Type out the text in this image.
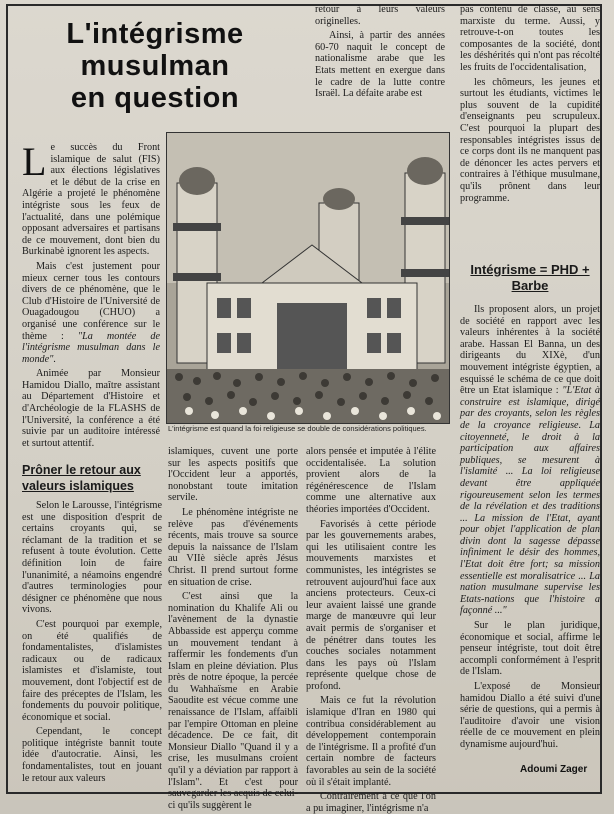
L'intégrisme
musulman
en question

Le succès du Front islamique de salut (FIS) aux élections législatives et le début de la crise en Algérie a projeté le phénomène intégriste sous les feux de l'actualité, dans une polémique opposant adversaires et partisans de ce mouvement, dont bien du Burkinabè ignorent les aspects.

Mais c'est justement pour mieux cerner tous les contours divers de ce phénomène, que le Club d'Histoire de l'Université de Ouagadougou (CHUO) a organisé une conférence sur le thème : "La montée de l'intégrisme musulman dans le monde".

Animée par Monsieur Hamidou Diallo, maître assistant au Département d'Histoire et d'Archéologie de la FLASHS de l'Université, la conférence a été suivie par un auditoire intéressé et surtout attentif.

Prôner le retour aux valeurs islamiques

Selon le Larousse, l'intégrisme est une disposition d'esprit de certains croyants qui, se réclamant de la tradition et se refusent à toute évolution. Cette définition loin de faire l'unanimité, a néamoins engendré d'autres terminologies pour désigner ce phénomène que nous vivons.

C'est pourquoi par exemple, on été qualifiés de fondamentalistes, d'islamistes radicaux ou de radicaux islamistes et d'islamiste, tout mouvement, dont l'objectif est de faire des préceptes de l'Islam, les fondements du pouvoir politique, économique et social.

Cependant, le concept politique intégriste bannit toute idée d'autocratie. Ainsi, les fondamentalistes, tout en jouant le retour aux valeurs

L'intégrisme est quand la foi religieuse se double de considérations politiques.

islamiques, cuvent une porte sur les aspects positifs que l'Occident leur a apportés, nonobstant toute imitation servile.

Le phénomène intégriste ne relève pas d'événements récents, mais trouve sa source depuis la naissance de l'Islam au VIIè siècle après Jésus Christ. Il prend surtout forme en situation de crise.

C'est ainsi que la nomination du Khalife Ali ou l'avènement de la dynastie Abbasside est apperçu comme un mouvement tendant à raffermir les fondements d'un Islam en pleine déviation. Plus près de notre époque, la percée du Wahhaïsme en Arabie Saoudite est vécue comme une renaissance de l'Islam, affaibli par l'empire Ottoman en pleine décadence. De ce fait, dit Monsieur Diallo "Quand il y a crise, les musulmans croient qu'il y a déviation par rapport à l'Islam". Et c'est pour sauvegarder les acquis de celui-ci qu'ils suggèrent le

alors pensée et imputée à l'élite occidentalisée. La solution provient alors de la régénérescence de l'Islam comme une alternative aux théories importées d'Occident.

Favorisés à cette période par les gouvernements arabes, qui les utilisaient contre les mouvements marxistes et communistes, les intégristes se retrouvent aujourd'hui face aux anciens protecteurs. Ceux-ci leur avaient laissé une grande marge de manœuvre qui leur avait permis de s'organiser et de pénétrer dans toutes les couches sociales notamment dans les pays où l'Islam représente quelque chose de profond.

Mais ce fut la révolution islamique d'Iran en 1980 qui contribua considérablement au développement contemporain de l'intégrisme. Il a profité d'un certain nombre de facteurs favorables au sein de la société où il s'était implanté.

Contrairement à ce que l'on a pu imaginer, l'intégrisme n'a

retour à leurs valeurs originelles.

Ainsi, à partir des années 60-70 naquit le concept de nationalisme arabe que les Etats mettent en exergue dans le cadre de la lutte contre Israël. La défaite arabe est

pas contenu de classe, au sens marxiste du terme. Aussi, y retrouve-t-on toutes les composantes de la société, dont les déshérités qui n'ont pas récolté les fruits de l'occidentalisation,

les chômeurs, les jeunes et surtout les étudiants, victimes le plus souvent de la cupidité d'enseignants peu scrupuleux. C'est pourquoi la plupart des responsables intégristes issus de ce corps dont ils ne manquent pas de dénoncer les actes pervers et contraires à l'éthique musulmane, qu'ils prônent dans leur programme.

Intégrisme = PHD + Barbe

Ils proposent alors, un projet de société en rapport avec les valeurs inhérentes à la société arabe. Hassan El Banna, un des dirigeants du XIXè, d'un mouvement intégriste égyptien, a esquissé le schéma de ce que doit être un Etat islamique : "L'Etat à construire est islamique, dirigé par des croyants, selon les règles de la croyance religieuse. La citoyenneté, le droit à la participation aux affaires publiques, se mesurent à l'islamité ... La loi religieuse devant être appliquée rigoureusement selon les termes de la révélation et des traditions ... La mission de l'Etat, ayant pour objet l'application de plan divin dont la sagesse dépasse infiniment le désir des hommes, l'Etat doit être fort; sa mission essentielle est moralisatrice ... La nation musulmane supervise les Etats-nations que l'histoire a façonné ..."

Sur le plan juridique, économique et social, affirme le penseur intégriste, tout doit être accompli conformément à l'esprit de l'Islam.

L'exposé de Monsieur hamidou Diallo a été suivi d'une série de questions, qui a permis à l'auditoire d'avoir une vision réelle de ce mouvement en plein dynamisme aujourd'hui.

Adoumi Zager
